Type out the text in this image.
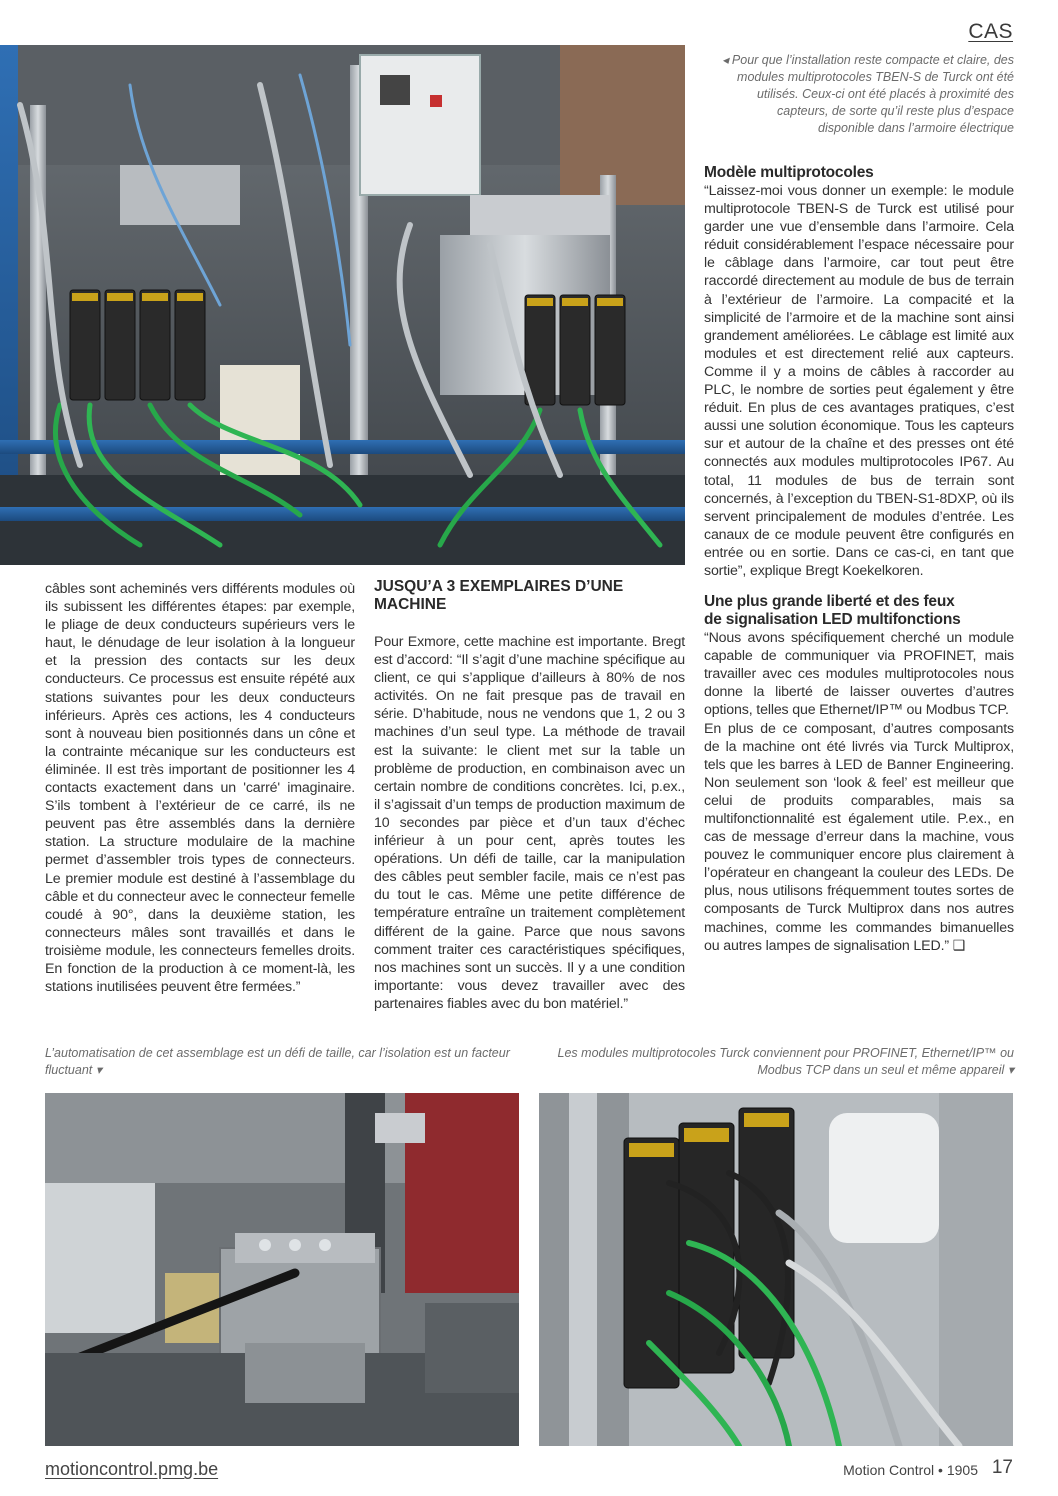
CAS
◂ Pour que l’installation reste compacte et claire, des modules multiprotocoles TBEN-S de Turck ont été utilisés. Ceux-ci ont été placés à proximité des capteurs, de sorte qu’il reste plus d’espace disponible dans l’armoire électrique

câbles sont acheminés vers différents modules où ils subissent les différentes étapes: par exemple, le pliage de deux conducteurs supérieurs vers le haut, le dénudage de leur isolation à la longueur et la pression des contacts sur les deux conducteurs. Ce processus est ensuite répété aux stations suivantes pour les deux conducteurs inférieurs. Après ces actions, les 4 conducteurs sont à nouveau bien positionnés dans un cône et la contrainte mécanique sur les conducteurs est éliminée. Il est très important de positionner les 4 contacts exactement dans un 'carré' imaginaire. S’ils tombent à l’extérieur de ce carré, ils ne peuvent pas être assemblés dans la dernière station. La structure modulaire de la machine permet d’assembler trois types de connecteurs. Le premier module est destiné à l’assemblage du câble et du connecteur avec le connecteur femelle coudé à 90°, dans la deuxième station, les connecteurs mâles sont travaillés et dans le troisième module, les connecteurs femelles droits. En fonction de la production à ce moment-là, les stations inutilisées peuvent être fermées.”

JUSQU’A 3 EXEMPLAIRES D’UNE MACHINE

Pour Exmore, cette machine est importante. Bregt est d’accord: “Il s’agit d’une machine spécifique au client, ce qui s’applique d’ailleurs à 80% de nos activités. On ne fait presque pas de travail en série. D’habitude, nous ne vendons que 1, 2 ou 3 machines d’un seul type. La méthode de travail est la suivante: le client met sur la table un problème de production, en combinaison avec un certain nombre de conditions concrètes. Ici, p.ex., il s’agissait d’un temps de production maximum de 10 secondes par pièce et d’un taux d’échec inférieur à un pour cent, après toutes les opérations. Un défi de taille, car la manipulation des câbles peut sembler facile, mais ce n’est pas du tout le cas. Même une petite différence de température entraîne un traitement complètement différent de la gaine. Parce que nous savons comment traiter ces caractéristiques spécifiques, nos machines sont un succès. Il y a une condition importante: vous devez travailler avec des partenaires fiables avec du bon matériel.”

Modèle multiprotocoles

“Laissez-moi vous donner un exemple: le module multiprotocole TBEN-S de Turck est utilisé pour garder une vue d’ensemble dans l’armoire. Cela réduit considérablement l’espace nécessaire pour le câblage dans l’armoire, car tout peut être raccordé directement au module de bus de terrain à l’extérieur de l’armoire. La compacité et la simplicité de l’armoire et de la machine sont ainsi grandement améliorées. Le câblage est limité aux modules et est directement relié aux capteurs. Comme il y a moins de câbles à raccorder au PLC, le nombre de sorties peut également y être réduit. En plus de ces avantages pratiques, c’est aussi une solution économique. Tous les capteurs sur et autour de la chaîne et des presses ont été connectés aux modules multiprotocoles IP67. Au total, 11 modules de bus de terrain sont concernés, à l’exception du TBEN-S1-8DXP, où ils servent principalement de modules d’entrée. Les canaux de ce module peuvent être configurés en entrée ou en sortie. Dans ce cas-ci, en tant que sortie”, explique Bregt Koekelkoren.

Une plus grande liberté et des feux

de signalisation LED multifonctions

“Nous avons spécifiquement cherché un module capable de communiquer via PROFINET, mais travailler avec ces modules multiprotocoles nous donne la liberté de laisser ouvertes d’autres options, telles que Ethernet/IP™ ou Modbus TCP.

En plus de ce composant, d’autres composants de la machine ont été livrés via Turck Multiprox, tels que les barres à LED de Banner Engineering. Non seulement son ‘look & feel’ est meilleur que celui de produits comparables, mais sa multifonctionnalité est également utile. P.ex., en cas de message d’erreur dans la machine, vous pouvez le communiquer encore plus clairement à l’opérateur en changeant la couleur des LEDs. De plus, nous utilisons fréquemment toutes sortes de composants de Turck Multiprox dans nos autres machines, comme les commandes bimanuelles ou autres lampes de signalisation LED.” ❑

L’automatisation de cet assemblage est un défi de taille, car l’isolation est un facteur fluctuant ▾
Les modules multiprotocoles Turck conviennent pour PROFINET, Ethernet/IP™ ou Modbus TCP dans un seul et même appareil ▾
motioncontrol.pmg.be	Motion Control • 1905 17
